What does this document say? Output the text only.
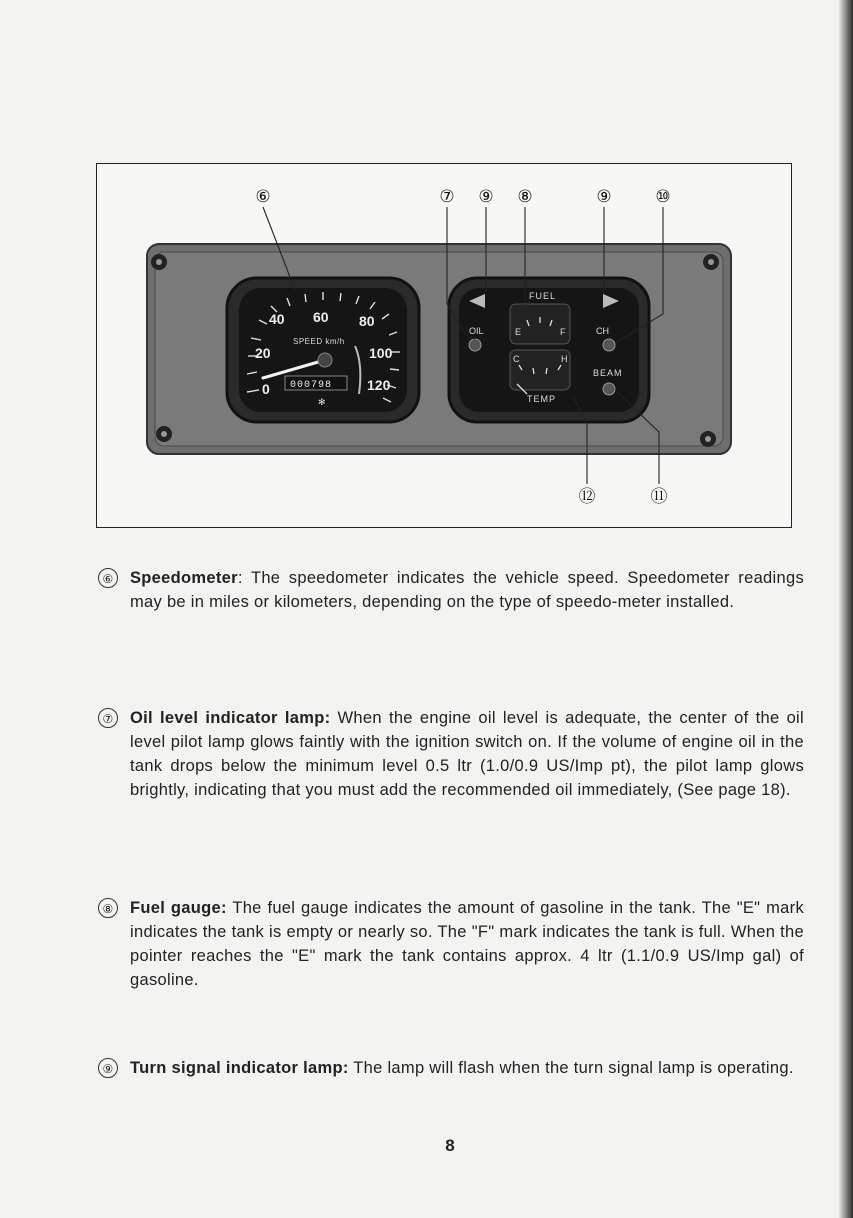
20
40 60 80
100
120
0
SPEED km/h
000798
✻
FUEL
E	F
C	H
TEMP
OIL	CH
BEAM
⑥	⑦ ⑨ ⑧	⑨	⑩
⑫	⑪
⑥ Speedometer: The speedometer indicates the vehicle speed. Speedometer readings may be in miles or kilometers, depending on the type of speedo-meter installed.
⑦ Oil level indicator lamp: When the engine oil level is adequate, the center of the oil level pilot lamp glows faintly with the ignition switch on. If the volume of engine oil in the tank drops below the minimum level 0.5 ltr (1.0/0.9 US/Imp pt), the pilot lamp glows brightly, indicating that you must add the recommended oil immediately, (See page 18).
⑧ Fuel gauge: The fuel gauge indicates the amount of gasoline in the tank. The "E" mark indicates the tank is empty or nearly so. The "F" mark indicates the tank is full. When the pointer reaches the "E" mark the tank contains approx. 4 ltr (1.1/0.9 US/Imp gal) of gasoline.
⑨ Turn signal indicator lamp: The lamp will flash when the turn signal lamp is operating.
8
